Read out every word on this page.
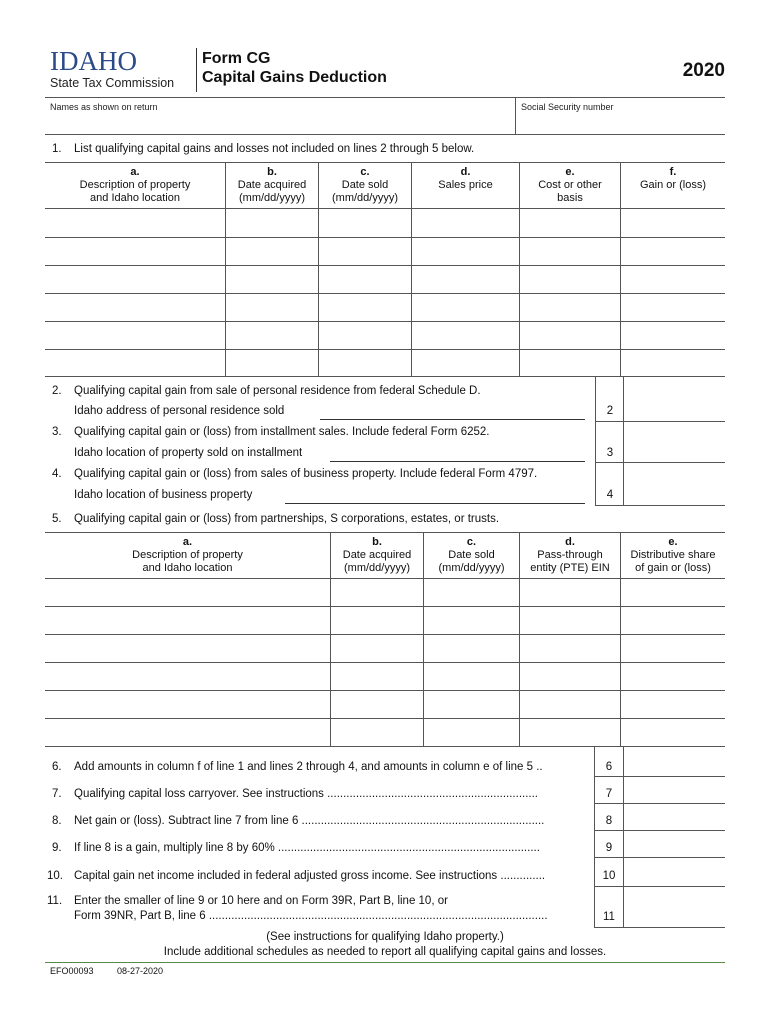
IDAHO
State Tax Commission
Form CG
Capital Gains Deduction	2020
Names as shown on return	Social Security number
1. List qualifying capital gains and losses not included on lines 2 through 5 below.
a.
Description of property
and Idaho location
b.
Date acquired
(mm/dd/yyyy)
c.
Date sold
(mm/dd/yyyy)
d.
Sales price
e.
Cost or other
basis
f.
Gain or (loss)
2. Qualifying capital gain from sale of personal residence from federal Schedule D.
Idaho address of personal residence sold	2
3. Qualifying capital gain or (loss) from installment sales. Include federal Form 6252.
Idaho location of property sold on installment	3
4. Qualifying capital gain or (loss) from sales of business property. Include federal Form 4797.
Idaho location of business property	4
5. Qualifying capital gain or (loss) from partnerships, S corporations, estates, or trusts.
a.
Description of property
and Idaho location
b.
Date acquired
(mm/dd/yyyy)
c.
Date sold
(mm/dd/yyyy)
d.
Pass-through
entity (PTE) EIN
e.
Distributive share
of gain or (loss)
6. Add amounts in column f of line 1 and lines 2 through 4, and amounts in column e of line 5 ..	6
7. Qualifying capital loss carryover. See instructions ..................................................................	7
8. Net gain or (loss). Subtract line 7 from line 6 ............................................................................	8
9. If line 8 is a gain, multiply line 8 by 60% ..................................................................................	9
10. Capital gain net income included in federal adjusted gross income. See instructions ..............	10
11. Enter the smaller of line 9 or 10 here and on Form 39R, Part B, line 10, or
Form 39NR, Part B, line 6 ..........................................................................................................	11
(See instructions for qualifying Idaho property.)
Include additional schedules as needed to report all qualifying capital gains and losses.
EFO00093	08-27-2020
